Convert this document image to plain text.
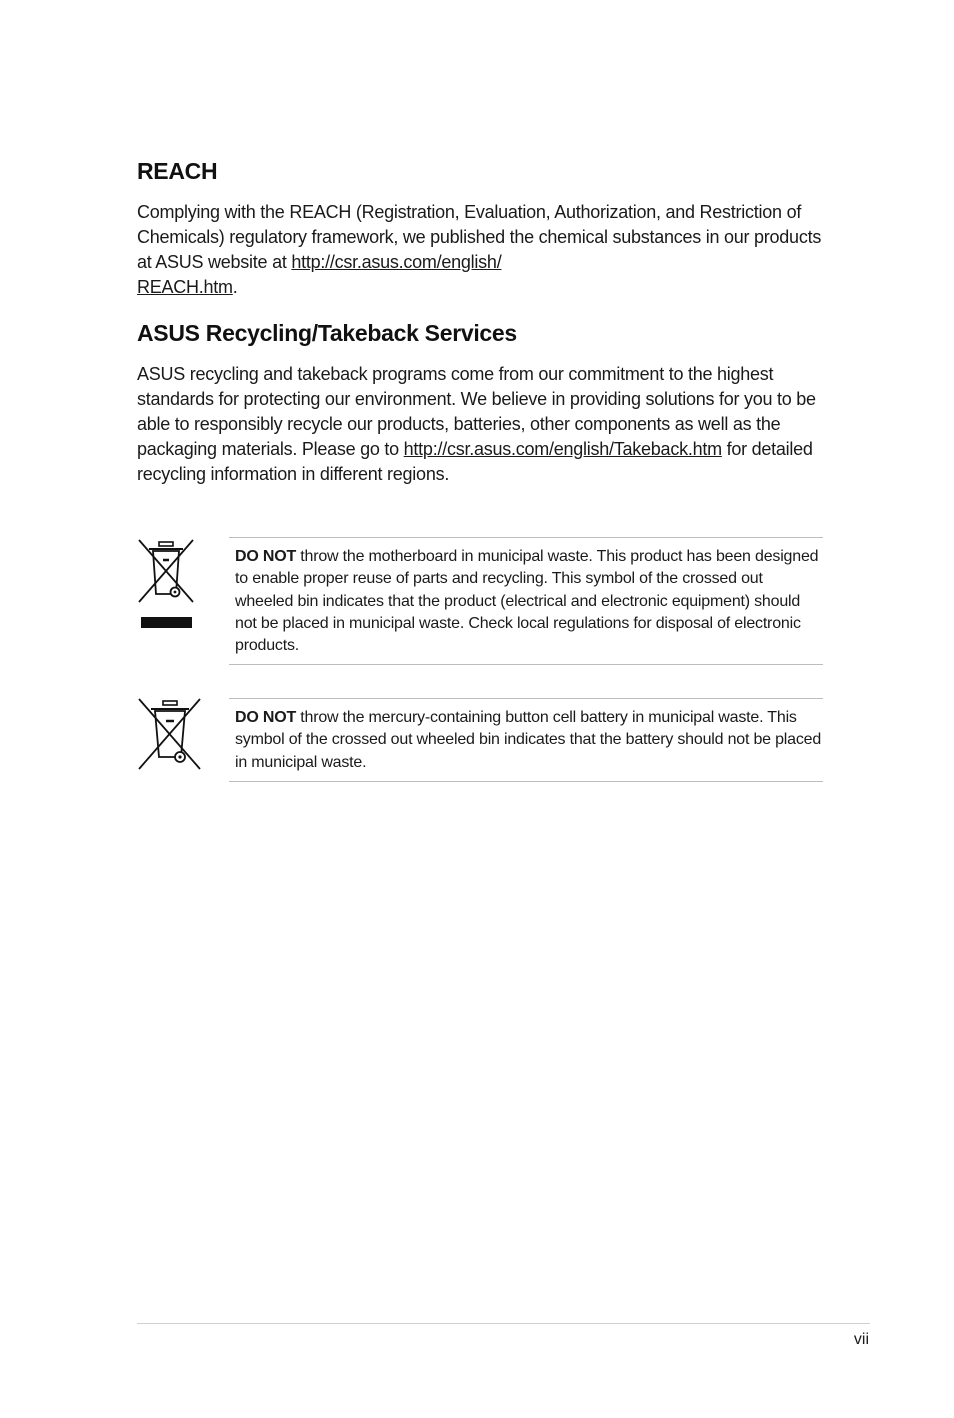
REACH

Complying with the REACH (Registration, Evaluation, Authorization, and Restriction of Chemicals) regulatory framework, we published the chemical substances in our products at ASUS website at http://csr.asus.com/english/
REACH.htm.

ASUS Recycling/Takeback Services

ASUS recycling and takeback programs come from our commitment to the highest standards for protecting our environment. We believe in providing solutions for you to be able to responsibly recycle our products, batteries, other components as well as the packaging materials. Please go to http://csr.asus.com/english/Takeback.htm for detailed recycling information in different regions.

DO NOT throw the motherboard in municipal waste. This product has been designed to enable proper reuse of parts and recycling. This symbol of the crossed out wheeled bin indicates that the product (electrical and electronic equipment) should not be placed in municipal waste. Check local regulations for disposal of electronic products.
DO NOT throw the mercury-containing button cell battery in municipal waste. This symbol of the crossed out wheeled bin indicates that the battery should not be placed in municipal waste.
vii
